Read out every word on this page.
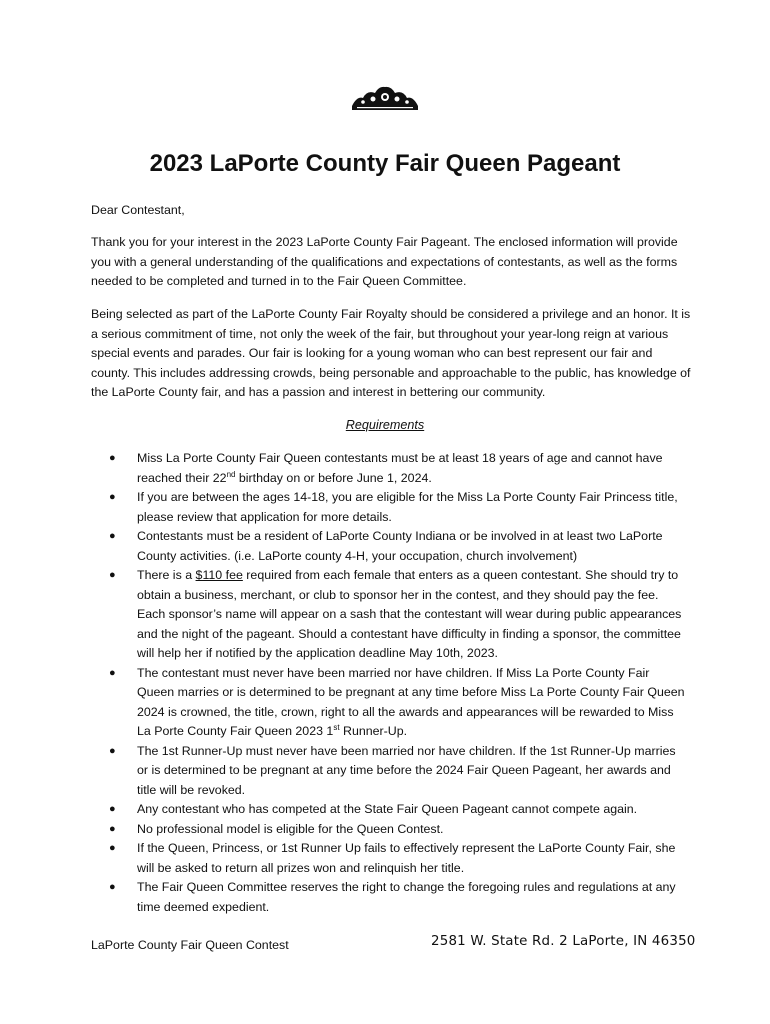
2023 LaPorte County Fair Queen Pageant
Dear Contestant,
Thank you for your interest in the 2023 LaPorte County Fair Pageant. The enclosed information will provide you with a general understanding of the qualifications and expectations of contestants, as well as the forms needed to be completed and turned in to the Fair Queen Committee.
Being selected as part of the LaPorte County Fair Royalty should be considered a privilege and an honor. It is a serious commitment of time, not only the week of the fair, but throughout your year-long reign at various special events and parades. Our fair is looking for a young woman who can best represent our fair and county. This includes addressing crowds, being personable and approachable to the public, has knowledge of the LaPorte County fair, and has a passion and interest in bettering our community.
Requirements
● Miss La Porte County Fair Queen contestants must be at least 18 years of age and cannot have reached their 22nd birthday on or before June 1, 2024.
● If you are between the ages 14-18, you are eligible for the Miss La Porte County Fair Princess title, please review that application for more details.
● Contestants must be a resident of LaPorte County Indiana or be involved in at least two LaPorte County activities. (i.e. LaPorte county 4-H, your occupation, church involvement)
● There is a $110 fee required from each female that enters as a queen contestant. She should try to obtain a business, merchant, or club to sponsor her in the contest, and they should pay the fee. Each sponsor’s name will appear on a sash that the contestant will wear during public appearances and the night of the pageant. Should a contestant have difficulty in finding a sponsor, the committee will help her if notified by the application deadline May 10th, 2023.
● The contestant must never have been married nor have children. If Miss La Porte County Fair Queen marries or is determined to be pregnant at any time before Miss La Porte County Fair Queen 2024 is crowned, the title, crown, right to all the awards and appearances will be rewarded to Miss La Porte County Fair Queen 2023 1st Runner-Up.
● The 1st Runner-Up must never have been married nor have children. If the 1st Runner-Up marries or is determined to be pregnant at any time before the 2024 Fair Queen Pageant, her awards and title will be revoked.
● Any contestant who has competed at the State Fair Queen Pageant cannot compete again.
● No professional model is eligible for the Queen Contest.
● If the Queen, Princess, or 1st Runner Up fails to effectively represent the LaPorte County Fair, she will be asked to return all prizes won and relinquish her title.
● The Fair Queen Committee reserves the right to change the foregoing rules and regulations at any time deemed expedient.
LaPorte County Fair Queen Contest	2581 W. State Rd. 2 LaPorte, IN 46350
